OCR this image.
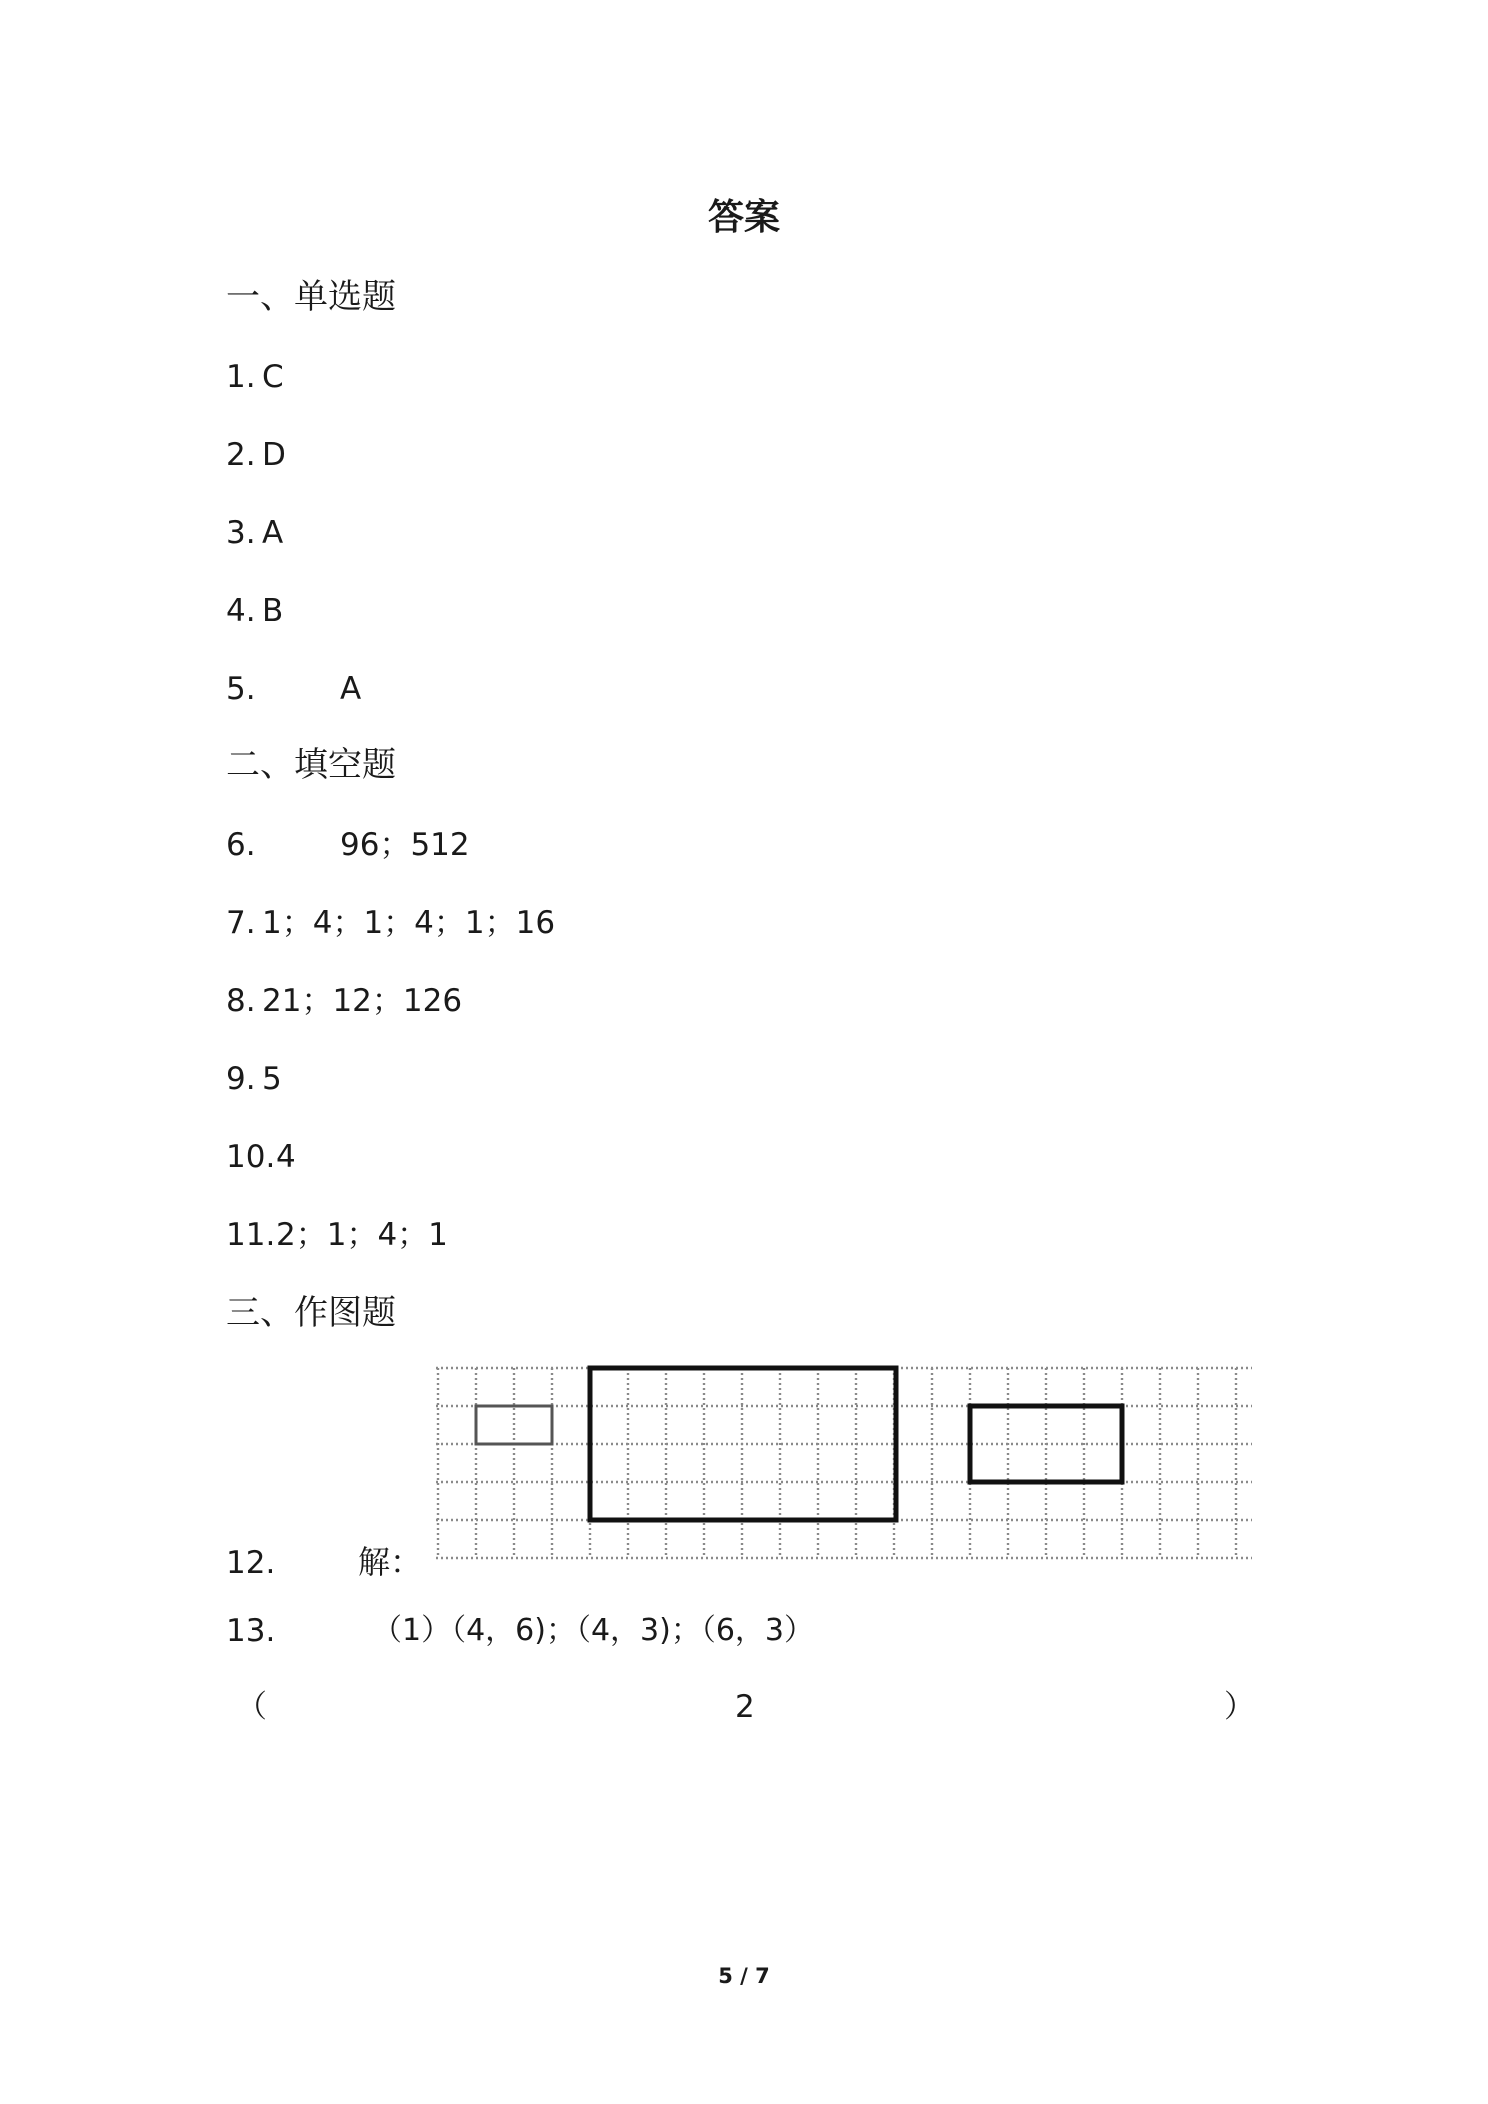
答案
一、单选题
1. C
2. D
3. A
4. B
5.	A
二、填空题
6.	96；512
7. 1；4；1；4；1；16
8. 21；12；126
9. 5
10. 4
11. 2；1；4；1
三、作图题
12.	解：
13.	（1）（4，6)；（4，3)；（6，3）
（	2	）
5 / 7
